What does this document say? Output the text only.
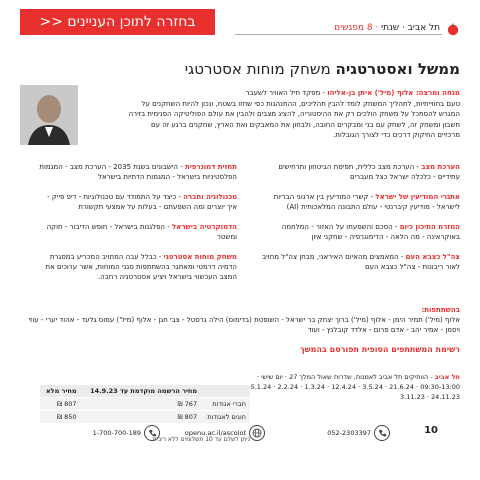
תל אביב · שנתי · 8 מפגשים
בחזרה לתוכן העניינים <<
ממשל ואסטרטגיה משחק מוחות אסטרטגי
מנחה ומרצה: אלוף (מיל') איתן בן-אליהו - מפקד חיל האוויר לשעבר
טעם בחווייתיות, לתהליך המשחק לומד להבין תהליכים, ההתנהגות כפי שחזו בשטח, ונכון להיות השחקנים על המגרש להסתכל על משחק הולכים רק את ההיסטוריה, להציג מצבים ולהבין את עולם הפוליטיקה הפנימית בזירה חשבון ומשחק זה, לשחק עם בני ומבקרים החובה, ולבחון את המאבקים ואת הארץ, שחקנים ברגע זה עם מרכזיים החיקוק דרכים כדי לצורך הגובלות.
הערכת מצב - הערכת מצב כללית, תפיסת הביטחון ותרחישים עתידיים - כלכלה ישראל כצל מעברים
אתגרי המודיעין של ישראל - קשרי המודיעין בין ארגוני הבריות לישראל - מודיעין קיברנטי - עולם התבונה המלאכותית (AI)
המזרח התיכון כיום - הסכם והשפעתו על האזור - המלחמה באוקראינה - מה הלאה - הדימוגרפיה - שחקני איון
צה"ל כצבא העם - המאמצים מהאיום האיראני, מבחן צה"ל מחויב לאור ריבונות - צה"ל כצבא העם
תחזית דמוגרפית - הישבונים בשנת 2035 - הערכת מצב - המגמות הפלסטיניות בישראל - המגמות הדתיות בישראל
טכנולוגיה וחברה - כיצד על התמודד עם טכנולוגיות - דיפ פייק - איך יוצרים ומה השפעתם - בעלות על אמצעי תקשורת
הדמוקרטיה בישראל - הפלגנות בישראל - חופש הדיבור - חוקה ומשטר
משחק מוחות אסטרטגי - כבלל עבה המחויב המכריע במסגרת הדמיה דרמטי ומאתגר בהשתתפות סגני המוחות, אשר ערוכים את המצב העכשווי בישראל ויציע אסטרטגיה רחבה.
בהשתתפות:
אלוף (מיל') תמיר הימן - אלוף (מיל') ברוך יצחק בר ישראל - השופטת (בדימוס) הילה גרסטל - צבי חגן - אלוף (מיל') עמוס גלעד - אהוד יערי - עוזי ויסמן - אמיר יהב - אדם פרום - אלדד קובלנץ - ועוד
רשימת המשתתפים הסופית תפורסם בהמשך
תל אביב - הוותיקים תל אביב לאמנות, שדרות שאול המלך 27 · יום שישי · 09:30-13:00 · 21.6.24 · 3.5.24 · 12.4.24 · 1.3.24 · 2.2.24 · 5.1.24 24.11.23 · 3.11.23
	מחיר הרשמה מוקדמת עד 14.9.23	מחיר מלא
חברי אגודות	767 ₪	807 ₪
חוגים לאגודות	807 ₪	850 ₪
ניתן לשלם עד 10 תשלומים ללא ריבית.
10
052-2303397
openu.ac.il/ascolot
1-700-700-189
